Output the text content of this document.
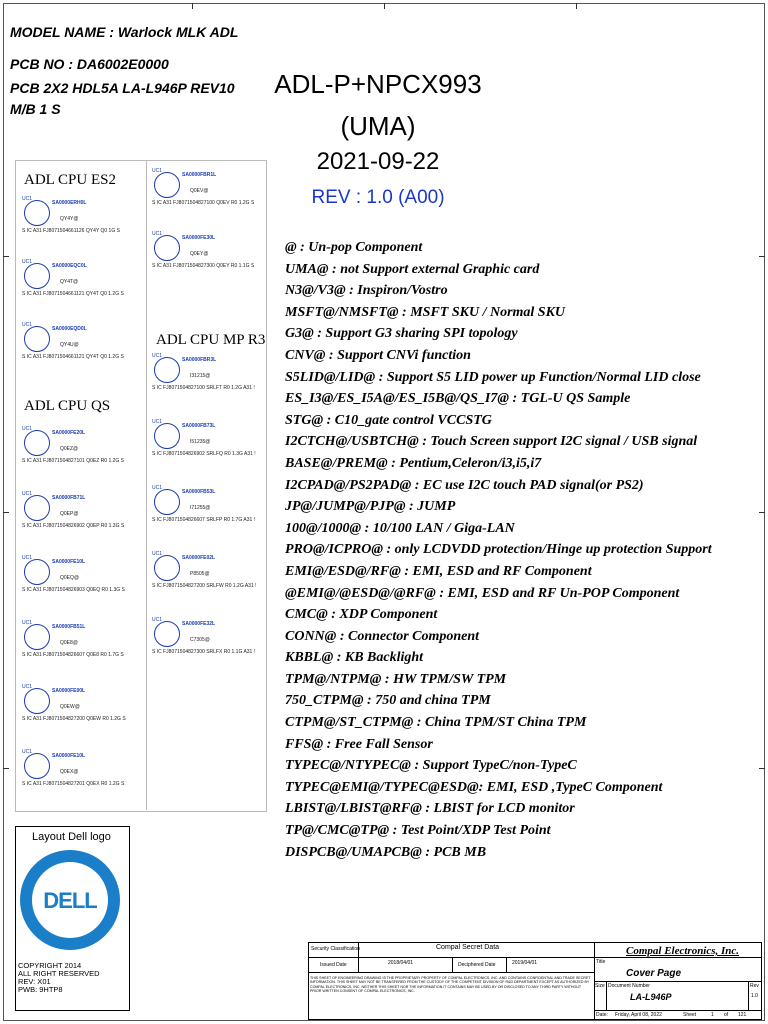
MODEL NAME : Warlock MLK ADL
PCB NO : DA6002E0000
PCB 2X2 HDL5A LA-L946P REV10
M/B 1 S
ADL-P+NPCX993
(UMA)
2021-09-22
REV : 1.0 (A00)
ADL CPU ES2
ADL CPU QS
ADL CPU MP R3
UC1
SA0000ERH0L
QY4Y@
S IC A31 FJ8071504661126 QY4Y Q0 1G S
UC1
SA0000EQC0L
QY4T@
S IC A31 FJ8071504661121 QY4T Q0 1.2G S
UC1
SA0000EQD0L
QY4U@
S IC A31 FJ8071504661121 QY4T Q0 1.2G S
UC1
SA0000FE20L
Q0EZ@
S IC A31 FJ8071504827101 Q0EZ R0 1.2G S
UC1
SA0000FB71L
Q0EP@
S IC A31 FJ8071504826902 Q0EP R0 1.3G S
UC1
SA0000FE10L
Q0EQ@
S IC A31 FJ8071504826903 Q0EQ R0 1.3G S
UC1
SA0000FB51L
Q0E8@
S IC A31 FJ8071504826607 Q0E8 R0 1.7G S
UC1
SA0000FE00L
Q0EW@
S IC A31 FJ8071504827200 Q0EW R0 1.2G S
UC1
SA0000FE10L
Q0EX@
S IC A31 FJ8071504827201 Q0EX R0 1.2G S
UC1
SA0000FBR1L
Q0EV@
S IC A31 FJ8071504827100 Q0EV R0 1.2G S
UC1
SA0000FE30L
Q0EY@
S IC A31 FJ8071504827300 Q0EY R0 1.1G S
UC1
SA0000FBR3L
I31215@
S IC FJ8071504827100 SRLFT R0 1.2G A31 !
UC1
SA0000FB73L
I51235@
S IC FJ8071504826902 SRLFQ R0 1.3G A31 !
UC1
SA0000FB53L
I71255@
S IC FJ8071504826607 SRLFP R0 1.7G A31 !
UC1
SA0000FE02L
P8505@
S IC FJ8071504827200 SRLFW R0 1.2G A31 !
UC1
SA0000FE32L
C7305@
S IC FJ8071504827300 SRLFX R0 1.1G A31 !
@ : Un-pop Component
UMA@ : not Support external Graphic card
N3@/V3@ : Inspiron/Vostro
MSFT@/NMSFT@ : MSFT SKU / Normal SKU
G3@ : Support G3 sharing SPI topology
CNV@ : Support CNVi function
S5LID@/LID@ : Support S5 LID power up Function/Normal LID close
ES_I3@/ES_I5A@/ES_I5B@/QS_I7@ : TGL-U QS Sample
STG@ : C10_gate control VCCSTG
I2CTCH@/USBTCH@ : Touch Screen support I2C signal / USB signal
BASE@/PREM@ : Pentium,Celeron/i3,i5,i7
I2CPAD@/PS2PAD@ : EC use I2C touch PAD signal(or PS2)
JP@/JUMP@/PJP@ : JUMP
100@/1000@ : 10/100 LAN / Giga-LAN
PRO@/ICPRO@ : only LCDVDD protection/Hinge up protection Support
EMI@/ESD@/RF@ : EMI, ESD and RF Component
@EMI@/@ESD@/@RF@ : EMI, ESD and RF Un-POP Component
CMC@ : XDP Component
CONN@ : Connector Component
KBBL@ : KB Backlight
TPM@/NTPM@ : HW TPM/SW TPM
750_CTPM@ : 750 and china TPM
CTPM@/ST_CTPM@ : China TPM/ST China TPM
FFS@ : Free Fall Sensor
TYPEC@/NTYPEC@ : Support TypeC/non-TypeC
TYPEC@EMI@/TYPEC@ESD@: EMI, ESD ,TypeC Component
LBIST@/LBIST@RF@ : LBIST for LCD monitor
TP@/CMC@TP@ : Test Point/XDP Test Point
DISPCB@/UMAPCB@ : PCB MB
Layout Dell logo
DELL
COPYRIGHT 2014
ALL RIGHT RESERVED
REV: X01
PWB: 9HTP8
Security Classification	Compal Secret Data
Issued Date	2018/04/01	Deciphered Date	2019/04/01
THIS SHEET OF ENGINEERING DRAWING IS THE PROPRIETARY PROPERTY OF COMPAL ELECTRONICS, INC. AND CONTAINS CONFIDENTIAL AND TRADE SECRET INFORMATION. THIS SHEET MAY NOT BE TRANSFERED FROM THE CUSTODY OF THE COMPETENT DIVISION OF R&D DEPARTMENT EXCEPT AS AUTHORIZED BY COMPAL ELECTRONICS, INC. NEITHER THIS SHEET NOR THE INFORMATION IT CONTAINS MAY BE USED BY OR DISCLOSED TO ANY THIRD PARTY WITHOUT PRIOR WRITTEN CONSENT OF COMPAL ELECTRONICS, INC.
Compal Electronics, Inc.
Title
Cover Page
Size Document Number
LA-L946P
Rev
1.0
Date: Friday, April 08, 2022	Sheet	1 of 121
